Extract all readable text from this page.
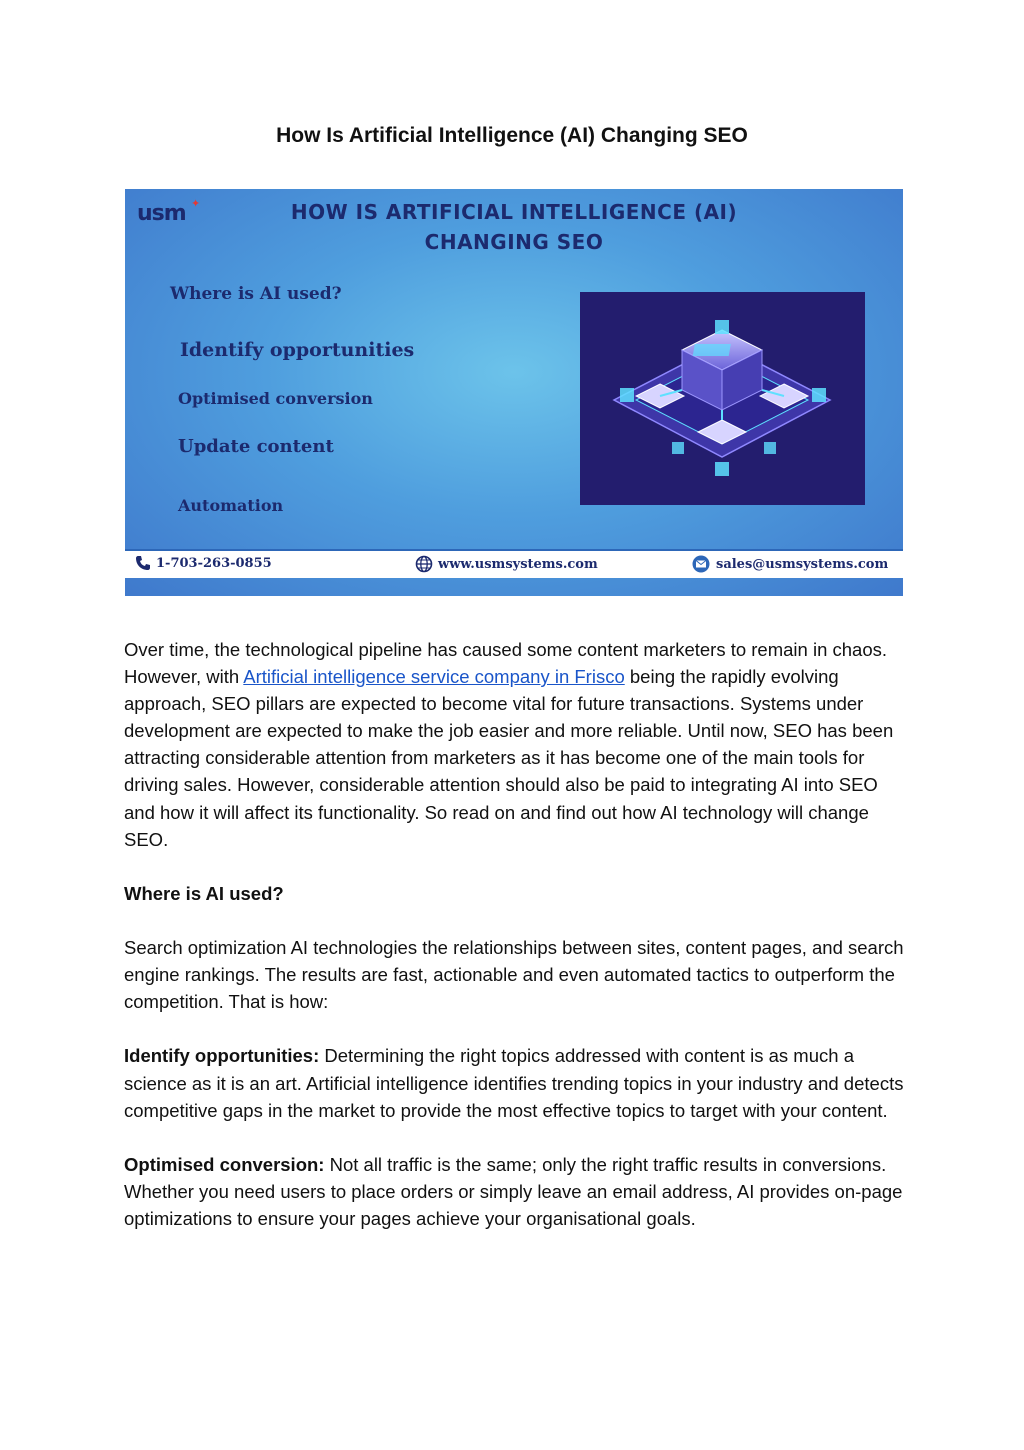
How Is Artificial Intelligence (AI) Changing SEO
usm ✦	HOW IS ARTIFICIAL INTELLIGENCE (AI)
CHANGING SEO
Where is AI used?
Identify opportunities
Optimised conversion
Update content
Automation
1-703-263-0855	www.usmsystems.com	sales@usmsystems.com

Over time, the technological pipeline has caused some content marketers to remain in chaos. However, with Artificial intelligence service company in Frisco being the rapidly evolving approach, SEO pillars are expected to become vital for future transactions. Systems under development are expected to make the job easier and more reliable. Until now, SEO has been attracting considerable attention from marketers as it has become one of the main tools for driving sales. However, considerable attention should also be paid to integrating AI into SEO and how it will affect its functionality. So read on and find out how AI technology will change SEO.

Where is AI used?

Search optimization AI technologies the relationships between sites, content pages, and search engine rankings. The results are fast, actionable and even automated tactics to outperform the competition. That is how:

Identify opportunities: Determining the right topics addressed with content is as much a science as it is an art. Artificial intelligence identifies trending topics in your industry and detects competitive gaps in the market to provide the most effective topics to target with your content.

Optimised conversion: Not all traffic is the same; only the right traffic results in conversions. Whether you need users to place orders or simply leave an email address, AI provides on-page optimizations to ensure your pages achieve your organisational goals.
